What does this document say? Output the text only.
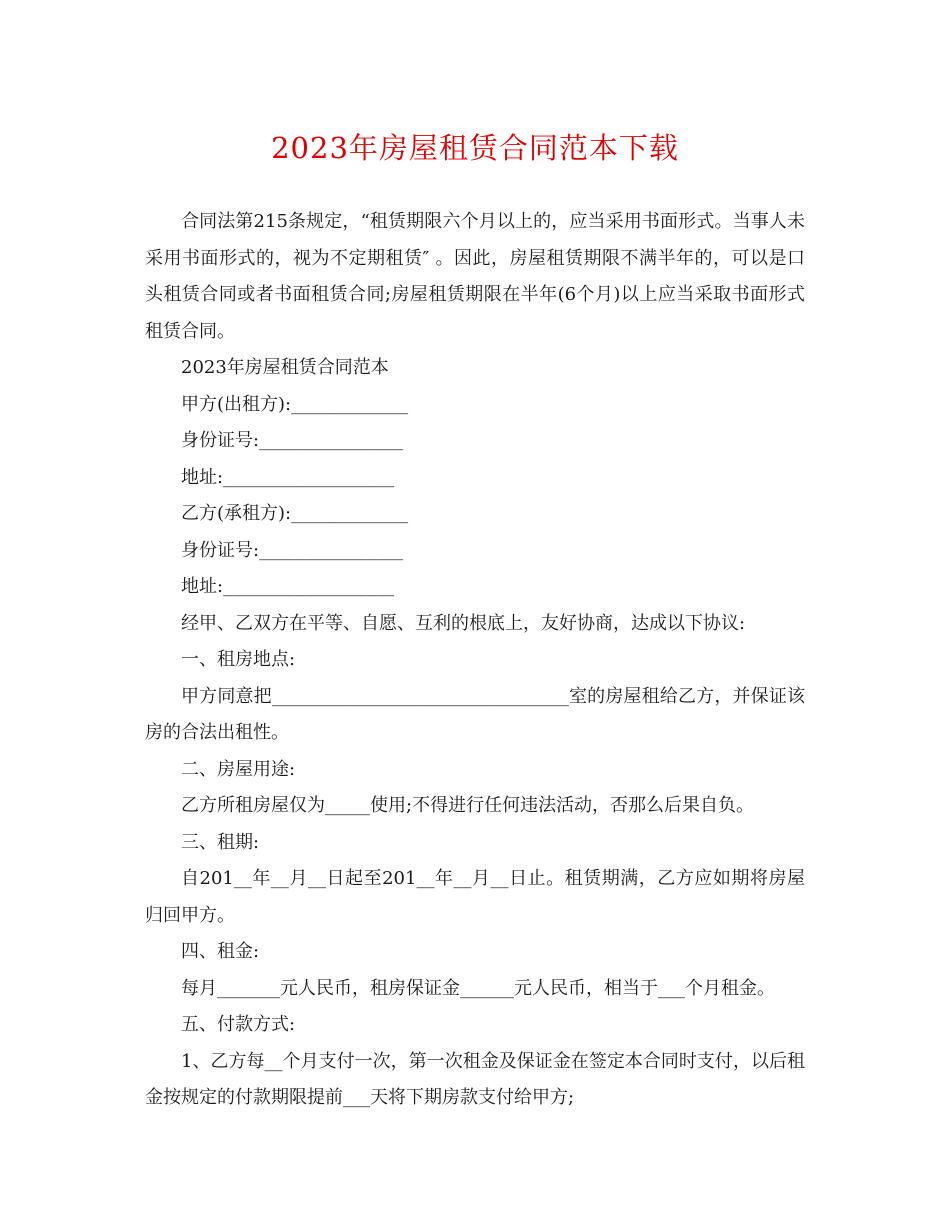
2023年房屋租赁合同范本下载

合同法第215条规定，“租赁期限六个月以上的，应当采用书面形式。当事人未采用书面形式的，视为不定期租赁″ 。因此，房屋租赁期限不满半年的，可以是口头租赁合同或者书面租赁合同;房屋租赁期限在半年(6个月)以上应当采取书面形式租赁合同。

2023年房屋租赁合同范本

甲方(出租方):_____________

身份证号:________________

地址:___________________

乙方(承租方):_____________

身份证号:________________

地址:___________________

经甲、乙双方在平等、自愿、互利的根底上，友好协商，达成以下协议:

一、租房地点:

甲方同意把_________________________________室的房屋租给乙方，并保证该房的合法出租性。

二、房屋用途:

乙方所租房屋仅为_____使用;不得进行任何违法活动，否那么后果自负。

三、租期:

自201__年__月__日起至201__年__月__日止。租赁期满，乙方应如期将房屋归回甲方。

四、租金:

每月_______元人民币，租房保证金______元人民币，相当于___个月租金。

五、付款方式:

1、乙方每__个月支付一次，第一次租金及保证金在签定本合同时支付，以后租金按规定的付款期限提前___天将下期房款支付给甲方;
